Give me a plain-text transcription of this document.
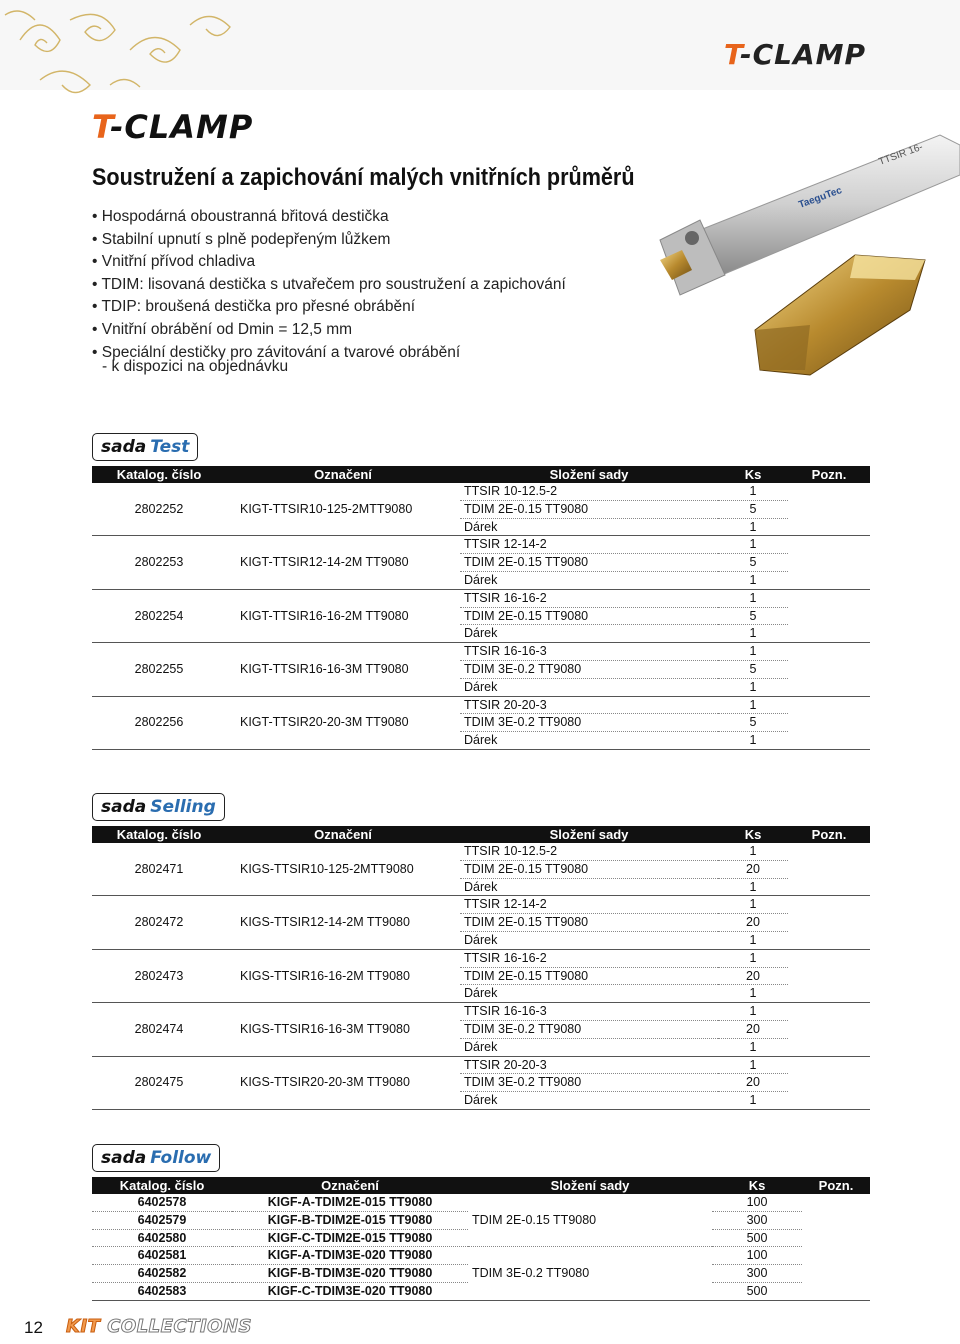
T-CLAMP
T-CLAMP
Soustružení a zapichování malých vnitřních průměrů
• Hospodárná oboustranná břitová destička
• Stabilní upnutí s plně podepřeným lůžkem
• Vnitřní přívod chladiva
• TDIM: lisovaná destička s utvařečem pro soustružení a zapichování
• TDIP: broušená destička pro přesné obrábění
• Vnitřní obrábění od Dmin = 12,5 mm
• Speciální destičky pro závitování a tvarové obrábění
- k dispozici na objednávku
TaeguTec
TTSIR 16-
sada Test
Katalog. číslo	Označení	Složení sady	Ks	Pozn.
2802252	KIGT-TTSIR10-125-2MTT9080	TTSIR 10-12.5-2	1	
		TDIM 2E-0.15 TT9080	5	
		Dárek	1	
2802253	KIGT-TTSIR12-14-2M TT9080	TTSIR 12-14-2	1	
		TDIM 2E-0.15 TT9080	5	
		Dárek	1	
2802254	KIGT-TTSIR16-16-2M TT9080	TTSIR 16-16-2	1	
		TDIM 2E-0.15 TT9080	5	
		Dárek	1	
2802255	KIGT-TTSIR16-16-3M TT9080	TTSIR 16-16-3	1	
		TDIM 3E-0.2 TT9080	5	
		Dárek	1	
2802256	KIGT-TTSIR20-20-3M TT9080	TTSIR 20-20-3	1	
		TDIM 3E-0.2 TT9080	5	
		Dárek	1	
sada Selling
Katalog. číslo	Označení	Složení sady	Ks	Pozn.
2802471	KIGS-TTSIR10-125-2MTT9080	TTSIR 10-12.5-2	1	
		TDIM 2E-0.15 TT9080	20	
		Dárek	1	
2802472	KIGS-TTSIR12-14-2M TT9080	TTSIR 12-14-2	1	
		TDIM 2E-0.15 TT9080	20	
		Dárek	1	
2802473	KIGS-TTSIR16-16-2M TT9080	TTSIR 16-16-2	1	
		TDIM 2E-0.15 TT9080	20	
		Dárek	1	
2802474	KIGS-TTSIR16-16-3M TT9080	TTSIR 16-16-3	1	
		TDIM 3E-0.2 TT9080	20	
		Dárek	1	
2802475	KIGS-TTSIR20-20-3M TT9080	TTSIR 20-20-3	1	
		TDIM 3E-0.2 TT9080	20	
		Dárek	1	
sada Follow
Katalog. číslo	Označení	Složení sady	Ks	Pozn.
6402578	KIGF-A-TDIM2E-015 TT9080	TDIM 2E-0.15 TT9080	100	
6402579	KIGF-B-TDIM2E-015 TT9080		300	
6402580	KIGF-C-TDIM2E-015 TT9080		500	
6402581	KIGF-A-TDIM3E-020 TT9080	TDIM 3E-0.2 TT9080	100	
6402582	KIGF-B-TDIM3E-020 TT9080		300	
6402583	KIGF-C-TDIM3E-020 TT9080		500	
12 KIT COLLECTIONS
